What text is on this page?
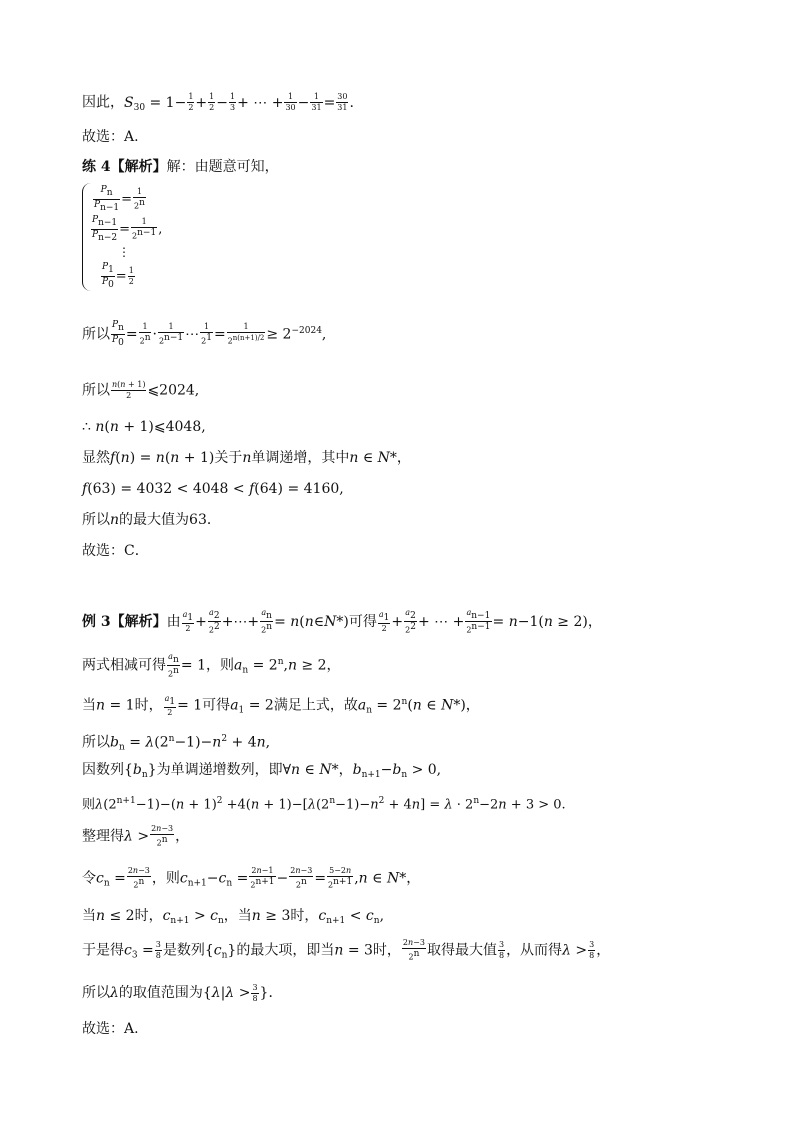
因此，$S_{30} = 1- \frac{1}{2} + \frac{1}{2} - \frac{1}{3}$ + ⋯ + $\frac{1}{30} - \frac{1}{31} = \frac{30}{31}$ .
故选：A.
练 4【解析】解：由题意可知，
$\frac{P_n}{P_{n-1}} = \frac{1}{2^n}$
$\frac{P_{n-1}}{P_{n-2}} = \frac{1}{2^{n-1}}$ ,
⋮
$\frac{P_1}{P_0} = \frac{1}{2}$
所以 $\frac{P_n}{P_0} = \frac{1}{2^n} \cdot \frac{1}{2^{n-1}}$ ⋯ $\frac{1}{2^1} = \frac{1}{2^{n(n+1)/2}} \ge 2^{-2024}$,
所以 $\frac{n(n + 1)}{2}$ ⩽2024,
∴ n(n + 1)⩽4048,
显然f(n) = n(n + 1)关于n单调递增，其中n ∈ N*，
f(63) = 4032 < 4048 < f(64) = 4160,
所以n的最大值为63．
故选：C．
例 3【解析】由 $\frac{a_1}{2} + \frac{a_2}{2^2}$ +⋯+ $\frac{a_n}{2^n}$ = n(n∈N*)可得 $\frac{a_1}{2} + \frac{a_2}{2^2}$ + ⋯ + $\frac{a_{n-1}}{2^{n-1}} = n-1(n \ge 2)$，
两式相减可得 $\frac{a_n}{2^n} = 1$，则$a_n = 2^n,n \ge 2$，
当n = 1时， $\frac{a_1}{2} = 1$可得$a_1 = 2$满足上式，故$a_n = 2^n(n$ ∈ N*)，
所以$b_n = \lambda(2^n-1)-n^2 + 4n$,
因数列$\{b_n\}$为单调递增数列，即∀n ∈ N*，$b_{n+1}-b_n > 0$,
则$\lambda(2^{n+1}-1)-(n + 1)^2 +4(n + 1)-[\lambda(2^n-1)-n^2 + 4n] = \lambda \cdot 2^n-2n + 3 > 0$.
整理得$\lambda > \frac{2n-3}{2^n}$ ，
令$c_n = \frac{2n-3}{2^n}$ ，则$c_{n+1}-c_n = \frac{2n-1}{2^{n+1}} - \frac{2n-3}{2^n} = \frac{5-2n}{2^{n+1}} ,n$ ∈ N*，
当n ≤ 2时，$c_{n+1} > c_n$，当n ≥ 3时，$c_{n+1} < c_n$,
于是得$c_3 = \frac{3}{8}$ 是数列$\{c_n\}$的最大项，即当n = 3时， $\frac{2n-3}{2^n}$ 取得最大值 $\frac{3}{8}$ ，从而得$\lambda > \frac{3}{8}$ ，
所以λ的取值范围为{$\lambda|\lambda > \frac{3}{8}$ }．
故选：A.
